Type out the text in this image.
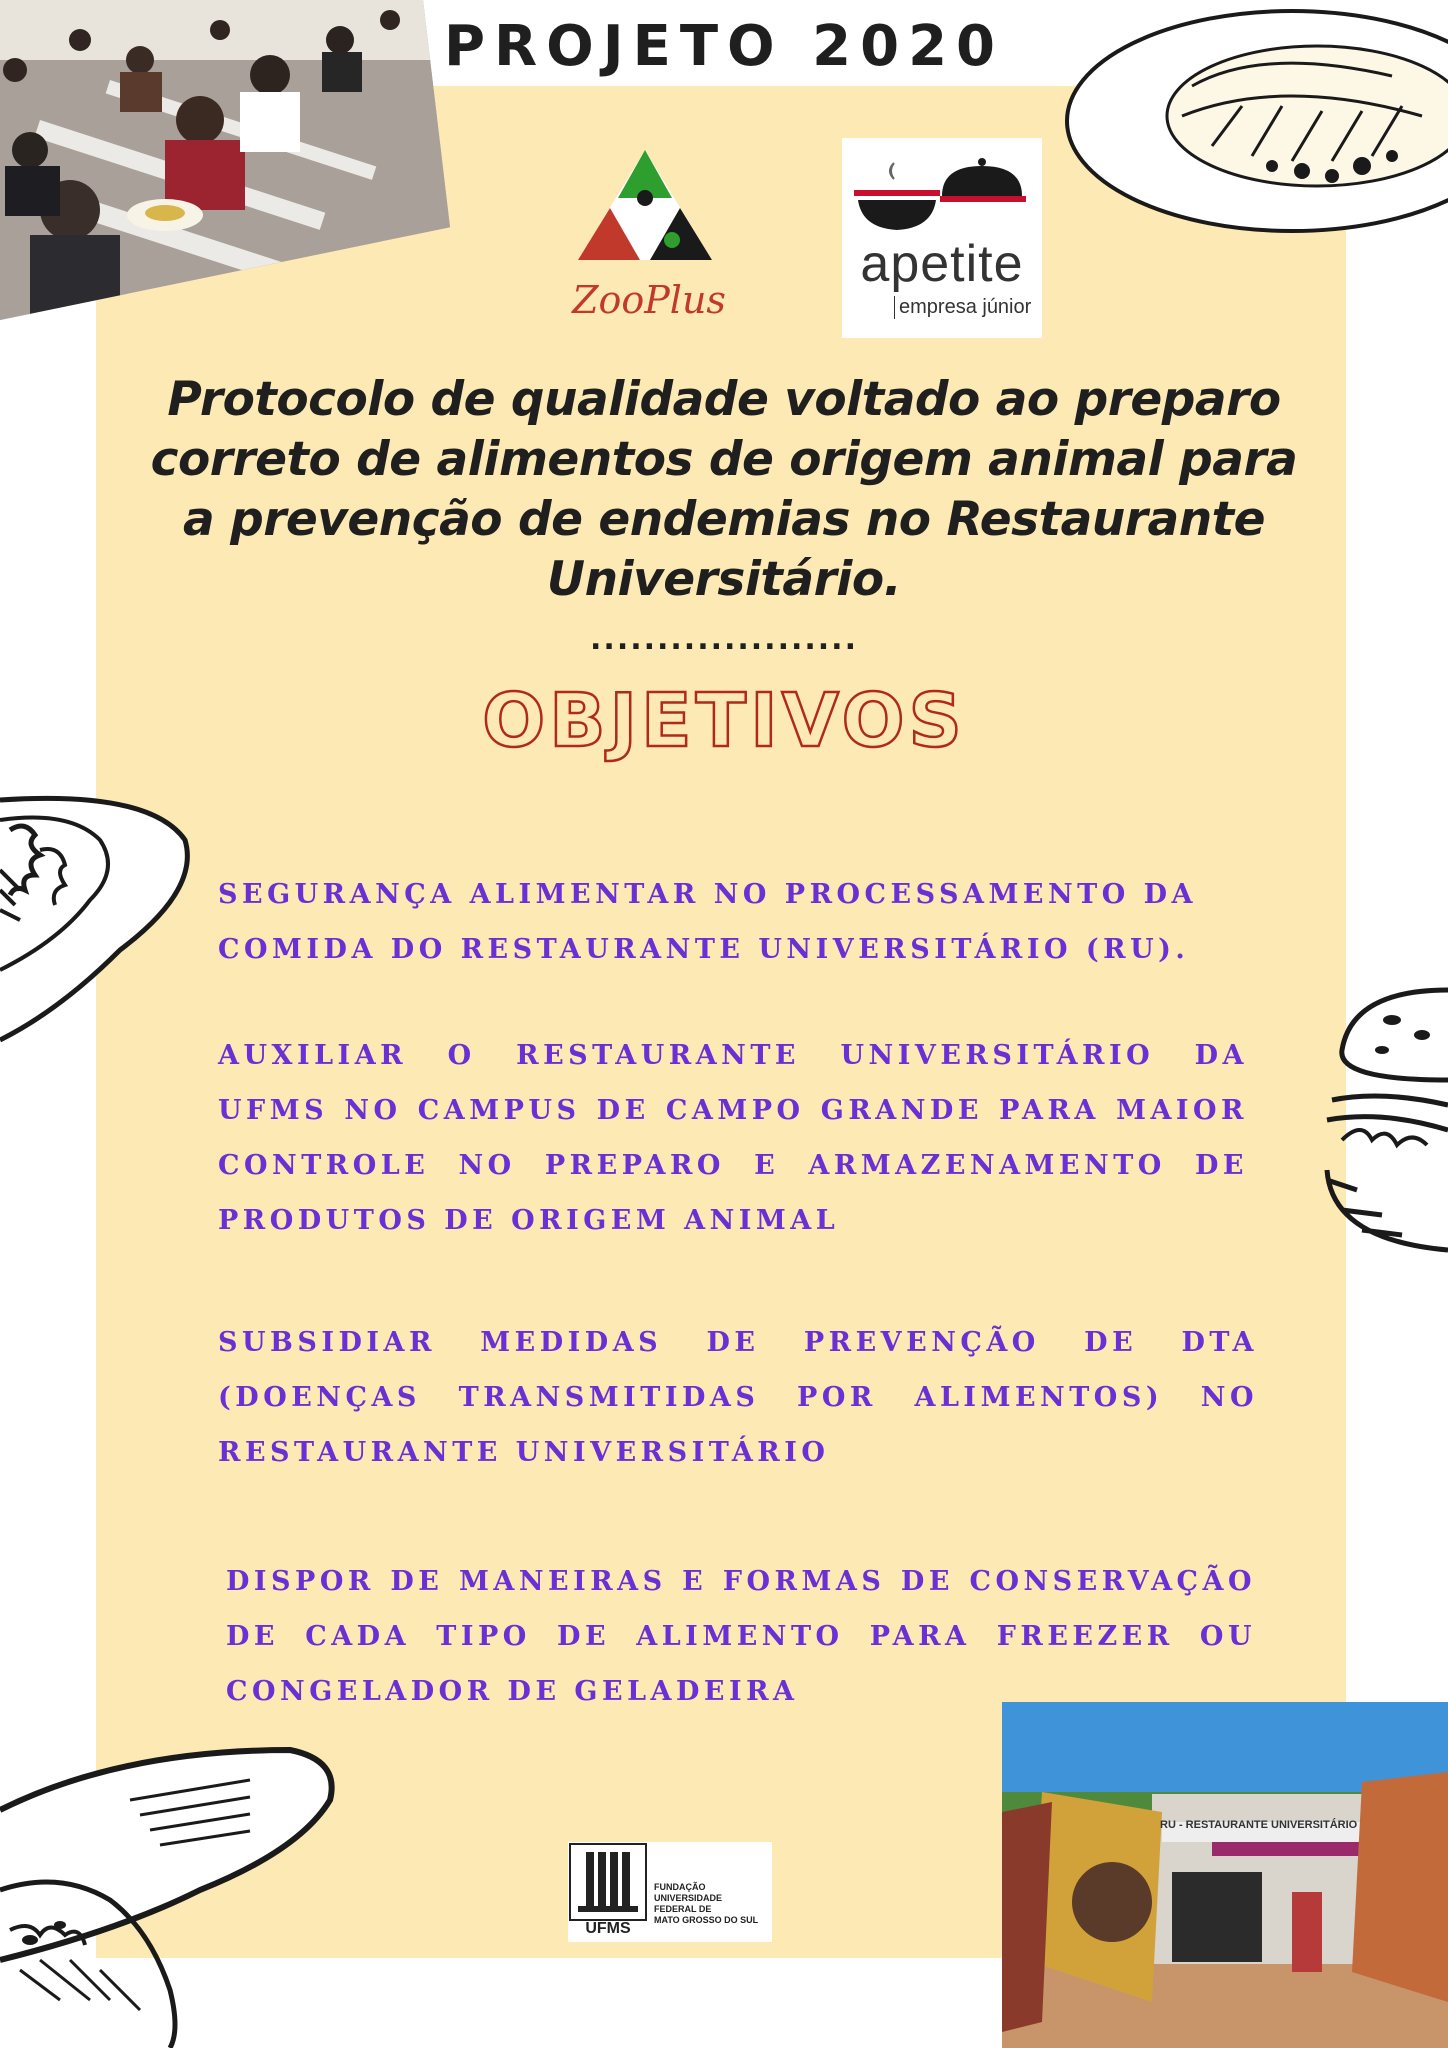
PROJETO 2020
ZooPlus
apetite
empresa júnior
Protocolo de qualidade voltado ao preparo correto de alimentos de origem animal para a prevenção de endemias no Restaurante Universitário.
....................
OBJETIVOS

SEGURANÇA ALIMENTAR NO PROCESSAMENTO DA COMIDA DO RESTAURANTE UNIVERSITÁRIO (RU).

AUXILIAR O RESTAURANTE UNIVERSITÁRIO DA UFMS NO CAMPUS DE CAMPO GRANDE PARA MAIOR CONTROLE NO PREPARO E ARMAZENAMENTO DE PRODUTOS DE ORIGEM ANIMAL

SUBSIDIAR MEDIDAS DE PREVENÇÃO DE DTA (DOENÇAS TRANSMITIDAS POR ALIMENTOS) NO RESTAURANTE UNIVERSITÁRIO

DISPOR DE MANEIRAS E FORMAS DE CONSERVAÇÃO DE CADA TIPO DE ALIMENTO PARA FREEZER OU CONGELADOR DE GELADEIRA

UFMS
FUNDAÇÃO
UNIVERSIDADE
FEDERAL DE
MATO GROSSO DO SUL
RU - RESTAURANTE UNIVERSITÁRIO
